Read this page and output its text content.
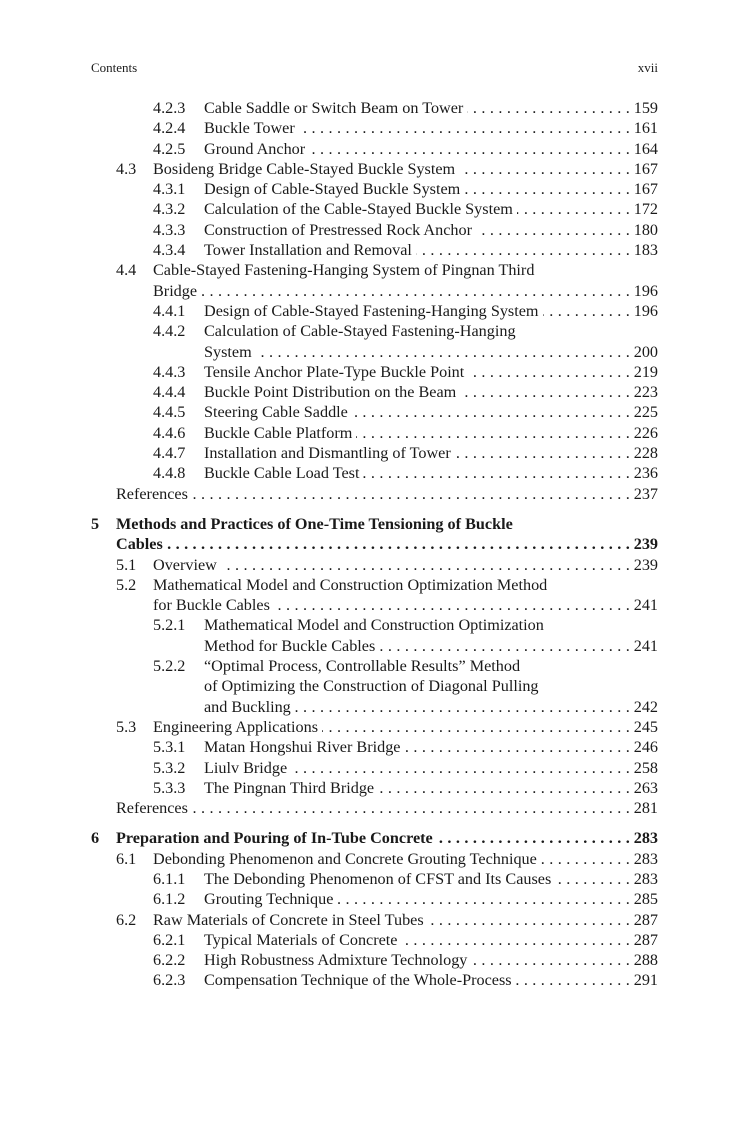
Contents	xvii
4.2.3 Cable Saddle or Switch Beam on Tower . . .	159
4.2.4 Buckle Tower . . .	161
4.2.5 Ground Anchor . . .	164
4.3 Bosideng Bridge Cable-Stayed Buckle System . . .	167
4.3.1 Design of Cable-Stayed Buckle System . . .	167
4.3.2 Calculation of the Cable-Stayed Buckle System . . .	172
4.3.3 Construction of Prestressed Rock Anchor . . .	180
4.3.4 Tower Installation and Removal . . .	183
4.4 Cable-Stayed Fastening-Hanging System of Pingnan Third
Bridge . . .	196
4.4.1 Design of Cable-Stayed Fastening-Hanging System . . .	196
4.4.2 Calculation of Cable-Stayed Fastening-Hanging
System . . .	200
4.4.3 Tensile Anchor Plate-Type Buckle Point . . .	219
4.4.4 Buckle Point Distribution on the Beam . . .	223
4.4.5 Steering Cable Saddle . . .	225
4.4.6 Buckle Cable Platform . . .	226
4.4.7 Installation and Dismantling of Tower . . .	228
4.4.8 Buckle Cable Load Test . . .	236
References . . .	237
5 Methods and Practices of One-Time Tensioning of Buckle
Cables . . .	239
5.1 Overview . . .	239
5.2 Mathematical Model and Construction Optimization Method
for Buckle Cables . . .	241
5.2.1 Mathematical Model and Construction Optimization
Method for Buckle Cables . . .	241
5.2.2 “Optimal Process, Controllable Results” Method
of Optimizing the Construction of Diagonal Pulling
and Buckling . . .	242
5.3 Engineering Applications . . .	245
5.3.1 Matan Hongshui River Bridge . . .	246
5.3.2 Liulv Bridge . . .	258
5.3.3 The Pingnan Third Bridge . . .	263
References . . .	281
6 Preparation and Pouring of In-Tube Concrete . . .	283
6.1 Debonding Phenomenon and Concrete Grouting Technique . . .	283
6.1.1 The Debonding Phenomenon of CFST and Its Causes . . .	283
6.1.2 Grouting Technique . . .	285
6.2 Raw Materials of Concrete in Steel Tubes . . .	287
6.2.1 Typical Materials of Concrete . . .	287
6.2.2 High Robustness Admixture Technology . . .	288
6.2.3 Compensation Technique of the Whole-Process . . .	291
